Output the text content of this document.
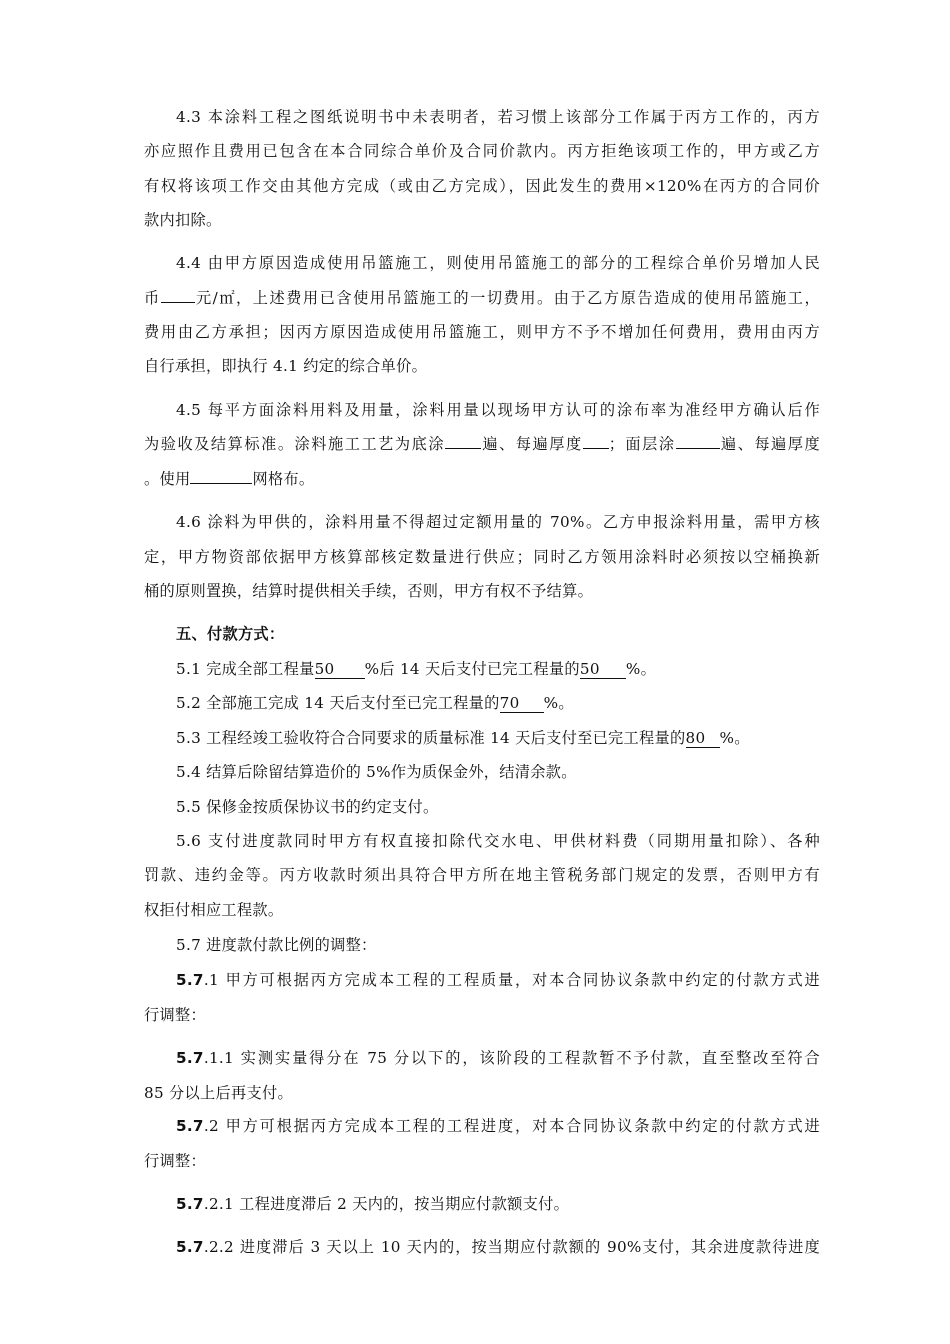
4.3 本涂料工程之图纸说明书中未表明者，若习惯上该部分工作属于丙方工作的，丙方

亦应照作且费用已包含在本合同综合单价及合同价款内。丙方拒绝该项工作的，甲方或乙方

有权将该项工作交由其他方完成（或由乙方完成），因此发生的费用×120%在丙方的合同价

款内扣除。

4.4 由甲方原因造成使用吊篮施工，则使用吊篮施工的部分的工程综合单价另增加人民

币 元/㎡，上述费用已含使用吊篮施工的一切费用。由于乙方原告造成的使用吊篮施工，

费用由乙方承担；因丙方原因造成使用吊篮施工，则甲方不予不增加任何费用，费用由丙方

自行承担，即执行 4.1 约定的综合单价。

4.5 每平方面涂料用料及用量，涂料用量以现场甲方认可的涂布率为准经甲方确认后作

为验收及结算标准。涂料施工工艺为底涂 遍、每遍厚度 ；面层涂	遍、每遍厚度

。使用	网格布。

4.6 涂料为甲供的，涂料用量不得超过定额用量的 70%。乙方申报涂料用量，需甲方核

定，甲方物资部依据甲方核算部核定数量进行供应；同时乙方领用涂料时必须按以空桶换新

桶的原则置换，结算时提供相关手续，否则，甲方有权不予结算。

五、付款方式：

5.1 完成全部工程量50 %后 14 天后支付已完工程量的50 %。

5.2 全部施工完成 14 天后支付至已完工程量的70 %。

5.3 工程经竣工验收符合合同要求的质量标准 14 天后支付至已完工程量的80 %。

5.4 结算后除留结算造价的 5%作为质保金外，结清余款。

5.5 保修金按质保协议书的约定支付。

5.6 支付进度款同时甲方有权直接扣除代交水电、甲供材料费（同期用量扣除）、各种

罚款、违约金等。丙方收款时须出具符合甲方所在地主管税务部门规定的发票，否则甲方有

权拒付相应工程款。

5.7 进度款付款比例的调整：

5.7.1 甲方可根据丙方完成本工程的工程质量，对本合同协议条款中约定的付款方式进

行调整：

5.7.1.1 实测实量得分在 75 分以下的，该阶段的工程款暂不予付款，直至整改至符合

85 分以上后再支付。

5.7.2 甲方可根据丙方完成本工程的工程进度，对本合同协议条款中约定的付款方式进

行调整：

5.7.2.1 工程进度滞后 2 天内的，按当期应付款额支付。

5.7.2.2 进度滞后 3 天以上 10 天内的，按当期应付款额的 90%支付，其余进度款待进度
